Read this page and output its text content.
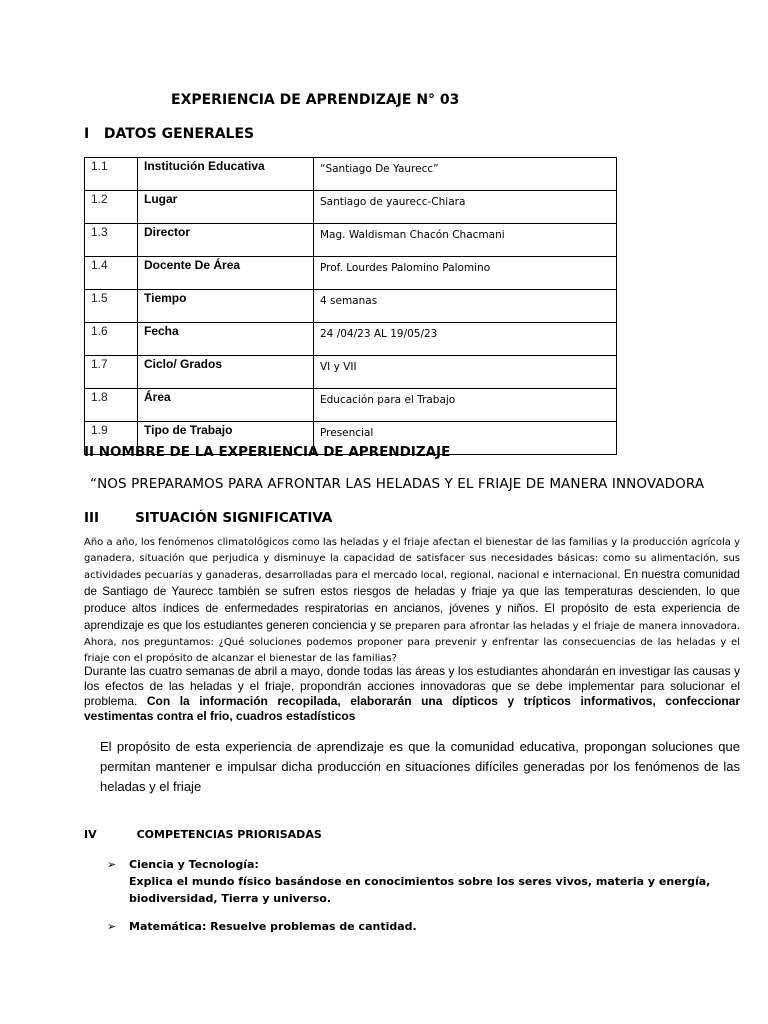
EXPERIENCIA DE APRENDIZAJE N° 03
I   DATOS GENERALES
1.1	Institución Educativa	“Santiago De Yaurecc”
1.2	Lugar	Santiago de yaurecc-Chiara
1.3	Director	Mag. Waldisman Chacón Chacmani
1.4	Docente De Área	Prof. Lourdes Palomino Palomino
1.5	Tiempo	4 semanas
1.6	Fecha	24 /04/23 AL 19/05/23
1.7	Ciclo/ Grados	VI y VII
1.8	Área	Educación para el Trabajo
1.9	Tipo de Trabajo	Presencial
II NOMBRE DE LA EXPERIENCIA DE APRENDIZAJE
“NOS PREPARAMOS PARA AFRONTAR LAS HELADAS Y EL FRIAJE DE MANERA INNOVADORA
III	SITUACIÓN SIGNIFICATIVA
Año a año, los fenómenos climatológicos como las heladas y el friaje afectan el bienestar de las familias y la producción agrícola y ganadera, situación que perjudica y disminuye la capacidad de satisfacer sus necesidades básicas: como su alimentación, sus actividades pecuarias y ganaderas, desarrolladas para el mercado local, regional, nacional e internacional. En nuestra comunidad de Santiago de Yaurecc también se sufren estos riesgos de heladas y friaje ya que las temperaturas descienden, lo que produce altos índices de enfermedades respiratorias en ancianos, jóvenes y niños. El propósito de esta experiencia de aprendizaje es que los estudiantes generen conciencia y se preparen para afrontar las heladas y el friaje de manera innovadora. Ahora, nos preguntamos: ¿Qué soluciones podemos proponer para prevenir y enfrentar las consecuencias de las heladas y el friaje con el propósito de alcanzar el bienestar de las familias?
Durante las cuatro semanas de abril a mayo, donde todas las áreas y los estudiantes ahondarán en investigar las causas y los efectos de las heladas y el friaje, propondrán acciones innovadoras que se debe implementar para solucionar el problema. Con la información recopilada, elaborarán una dípticos y trípticos informativos, confeccionar vestimentas contra el frio, cuadros estadísticos
El propósito de esta experiencia de aprendizaje es que la comunidad educativa, propongan soluciones que permitan mantener e impulsar dicha producción en situaciones difíciles generadas por los fenómenos de las heladas y el friaje
IV	COMPETENCIAS PRIORISADAS
➢	Ciencia y Tecnología:
Explica el mundo físico basándose en conocimientos sobre los seres vivos, materia y energía, biodiversidad, Tierra y universo.
➢	Matemática: Resuelve problemas de cantidad.
